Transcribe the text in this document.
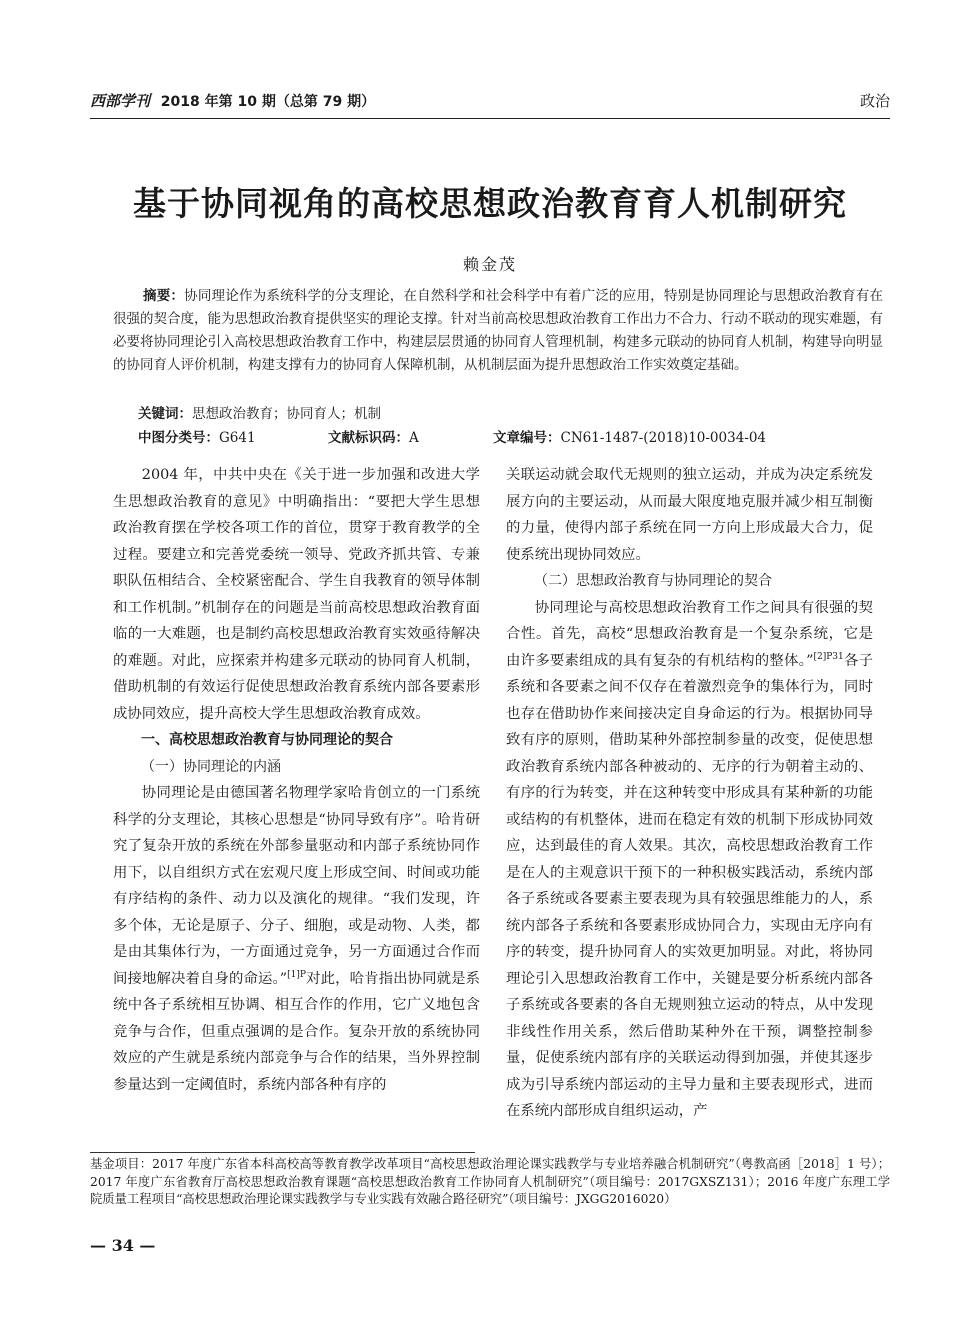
西部学刊 2018 年第 10 期（总第 79 期）	政治
基于协同视角的高校思想政治教育育人机制研究
赖金茂
摘要：协同理论作为系统科学的分支理论，在自然科学和社会科学中有着广泛的应用，特别是协同理论与思想政治教育有在很强的契合度，能为思想政治教育提供坚实的理论支撑。针对当前高校思想政治教育工作出力不合力、行动不联动的现实难题，有必要将协同理论引入高校思想政治教育工作中，构建层层贯通的协同育人管理机制，构建多元联动的协同育人机制，构建导向明显的协同育人评价机制，构建支撑有力的协同育人保障机制，从机制层面为提升思想政治工作实效奠定基础。
关键词：思想政治教育；协同育人；机制
中图分类号：G641	文献标识码：A	文章编号：CN61-1487-(2018)10-0034-04

2004 年，中共中央在《关于进一步加强和改进大学生思想政治教育的意见》中明确指出：“要把大学生思想政治教育摆在学校各项工作的首位，贯穿于教育教学的全过程。要建立和完善党委统一领导、党政齐抓共管、专兼职队伍相结合、全校紧密配合、学生自我教育的领导体制和工作机制。”机制存在的问题是当前高校思想政治教育面临的一大难题，也是制约高校思想政治教育实效亟待解决的难题。对此，应探索并构建多元联动的协同育人机制，借助机制的有效运行促使思想政治教育系统内部各要素形成协同效应，提升高校大学生思想政治教育成效。

一、高校思想政治教育与协同理论的契合
（一）协同理论的内涵

协同理论是由德国著名物理学家哈肯创立的一门系统科学的分支理论，其核心思想是“协同导致有序”。哈肯研究了复杂开放的系统在外部参量驱动和内部子系统协同作用下，以自组织方式在宏观尺度上形成空间、时间或功能有序结构的条件、动力以及演化的规律。“我们发现，许多个体，无论是原子、分子、细胞，或是动物、人类，都是由其集体行为，一方面通过竞争，另一方面通过合作而间接地解决着自身的命运。”$^{[1]P}$对此，哈肯指出协同就是系统中各子系统相互协调、相互合作的作用，它广义地包含竞争与合作，但重点强调的是合作。复杂开放的系统协同效应的产生就是系统内部竞争与合作的结果，当外界控制参量达到一定阈值时，系统内部各种有序的

关联运动就会取代无规则的独立运动，并成为决定系统发展方向的主要运动，从而最大限度地克服并减少相互制衡的力量，使得内部子系统在同一方向上形成最大合力，促使系统出现协同效应。

（二）思想政治教育与协同理论的契合

协同理论与高校思想政治教育工作之间具有很强的契合性。首先，高校“思想政治教育是一个复杂系统，它是由许多要素组成的具有复杂的有机结构的整体。”$^{[2]P31}$各子系统和各要素之间不仅存在着激烈竞争的集体行为，同时也存在借助协作来间接决定自身命运的行为。根据协同导致有序的原则，借助某种外部控制参量的改变，促使思想政治教育系统内部各种被动的、无序的行为朝着主动的、有序的行为转变，并在这种转变中形成具有某种新的功能或结构的有机整体，进而在稳定有效的机制下形成协同效应，达到最佳的育人效果。其次，高校思想政治教育工作是在人的主观意识干预下的一种积极实践活动，系统内部各子系统或各要素主要表现为具有较强思维能力的人，系统内部各子系统和各要素形成协同合力，实现由无序向有序的转变，提升协同育人的实效更加明显。对此，将协同理论引入思想政治教育工作中，关键是要分析系统内部各子系统或各要素的各自无规则独立运动的特点，从中发现非线性作用关系，然后借助某种外在干预，调整控制参量，促使系统内部有序的关联运动得到加强，并使其逐步成为引导系统内部运动的主导力量和主要表现形式，进而在系统内部形成自组织运动，产

基金项目：2017 年度广东省本科高校高等教育教学改革项目“高校思想政治理论课实践教学与专业培养融合机制研究”（粤教高函［2018］1 号）；2017 年度广东省教育厅高校思想政治教育课题“高校思想政治教育工作协同育人机制研究”（项目编号：2017GXSZ131）；2016 年度广东理工学院质量工程项目“高校思想政治理论课实践教学与专业实践有效融合路径研究”（项目编号：JXGG2016020）
— 34 —
